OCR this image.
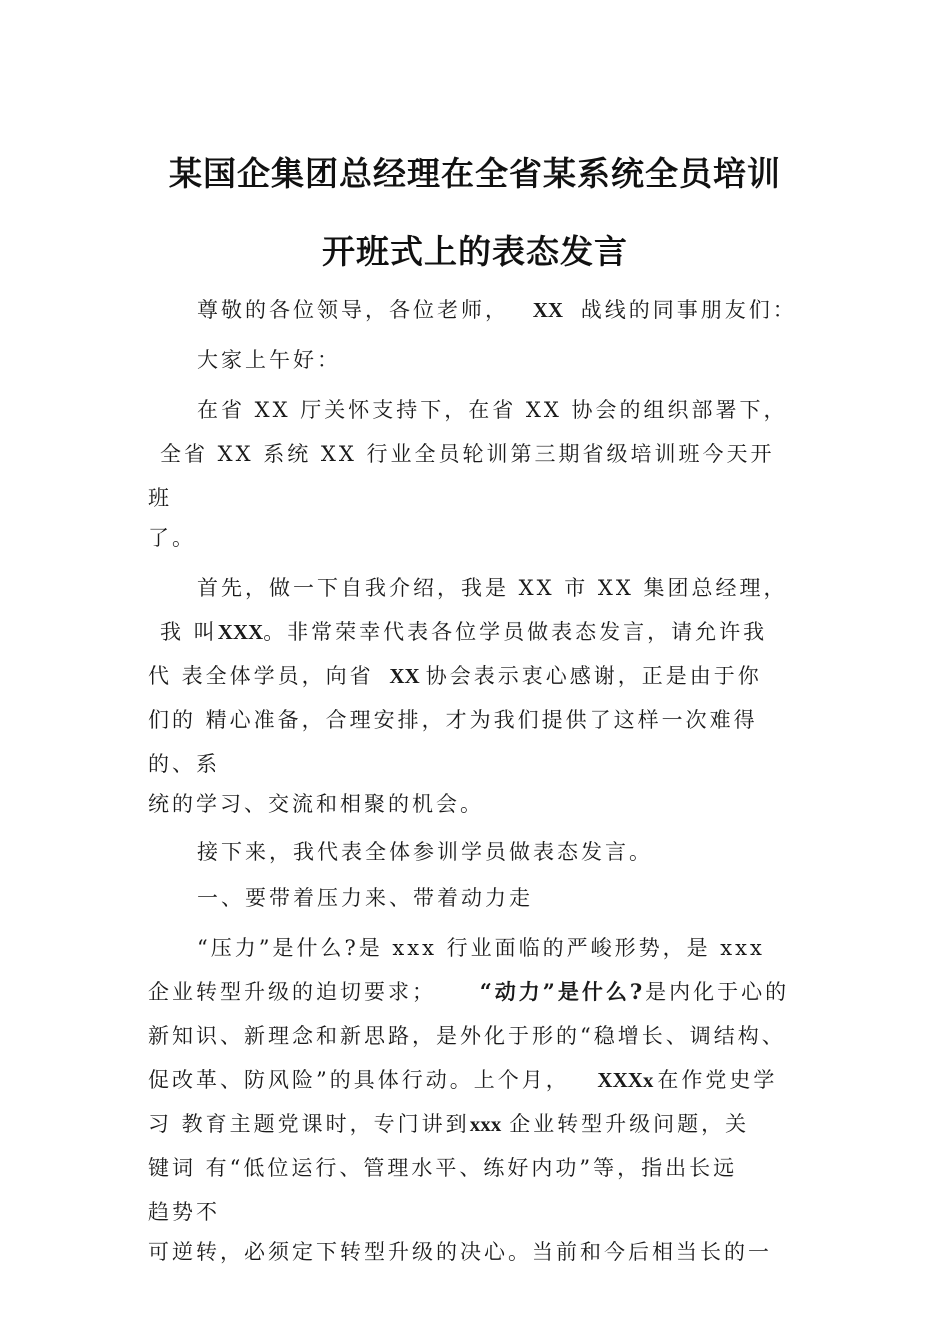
某国企集团总经理在全省某系统全员培训
开班式上的表态发言

尊敬的各位领导，各位老师， XX 战线的同事朋友们：

大家上午好：

在省 XX 厅关怀支持下，在省 XX 协会的组织部署下，

全省 XX 系统 XX 行业全员轮训第三期省级培训班今天开

班

了。

首先，做一下自我介绍，我是 XX 市 XX 集团总经理，

我 叫XXX。非常荣幸代表各位学员做表态发言，请允许我

代 表全体学员，向省 XX 协会表示衷心感谢，正是由于你

们的 精心准备，合理安排，才为我们提供了这样一次难得

的、系

统的学习、交流和相聚的机会。

接下来，我代表全体参训学员做表态发言。

一、要带着压力来、带着动力走

“压力”是什么?是 xxx 行业面临的严峻形势，是 xxx

企业转型升级的迫切要求； “动力”是什么?是内化于心的

新知识、新理念和新思路，是外化于形的“稳增长、调结构、

促改革、防风险”的具体行动。上个月， XXXx 在作党史学

习 教育主题党课时，专门讲到xxx 企业转型升级问题，关

键词 有“低位运行、管理水平、练好内功”等，指出长远

趋势不

可逆转，必须定下转型升级的决心。当前和今后相当长的一
